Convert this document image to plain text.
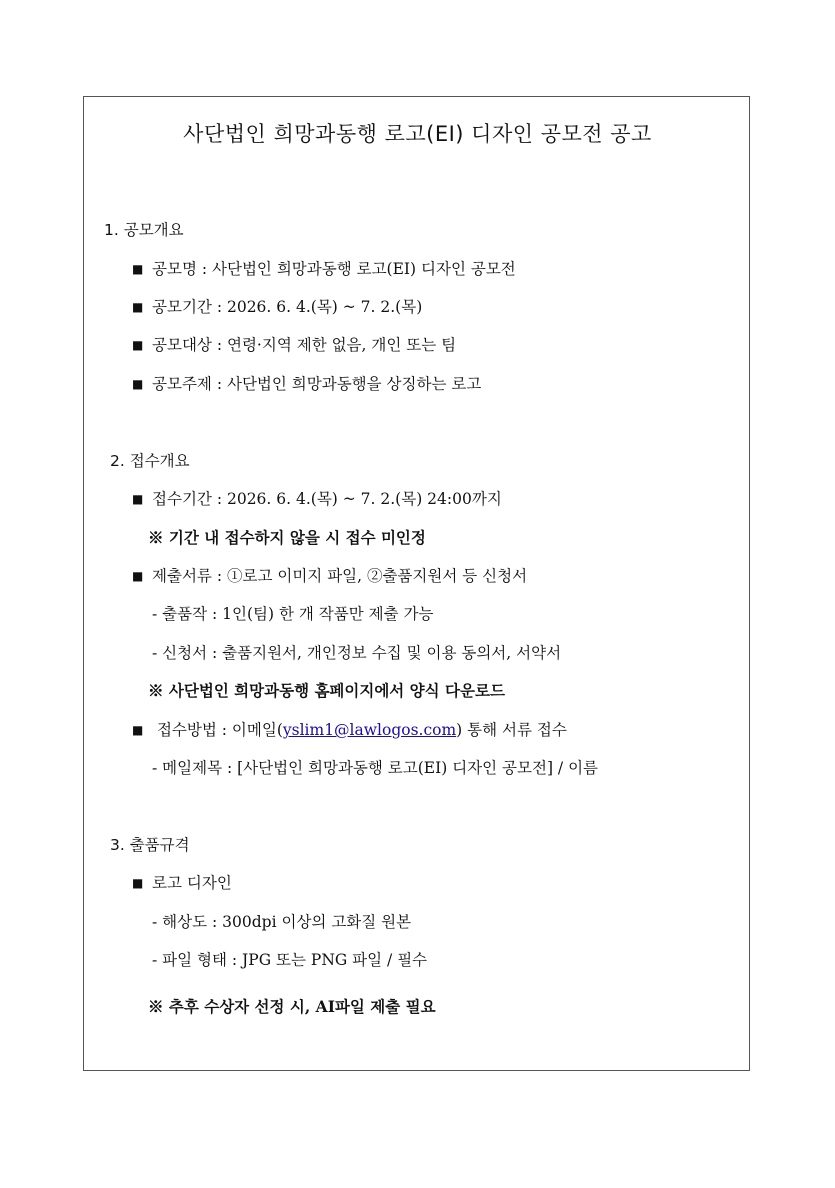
사단법인 희망과동행 로고(EI) 디자인 공모전 공고
1. 공모개요
■ 공모명 : 사단법인 희망과동행 로고(EI) 디자인 공모전
■ 공모기간 : 2026. 6. 4.(목) ~ 7. 2.(목)
■ 공모대상 : 연령·지역 제한 없음, 개인 또는 팀
■ 공모주제 : 사단법인 희망과동행을 상징하는 로고
2. 접수개요
■ 접수기간 : 2026. 6. 4.(목) ~ 7. 2.(목) 24:00까지
※ 기간 내 접수하지 않을 시 접수 미인정
■ 제출서류 : ①로고 이미지 파일, ②출품지원서 등 신청서
- 출품작 : 1인(팀) 한 개 작품만 제출 가능
- 신청서 : 출품지원서, 개인정보 수집 및 이용 동의서, 서약서
※ 사단법인 희망과동행 홈페이지에서 양식 다운로드
■ 접수방법 : 이메일(yslim1@lawlogos.com) 통해 서류 접수
- 메일제목 : [사단법인 희망과동행 로고(EI) 디자인 공모전] / 이름
3. 출품규격
■ 로고 디자인
- 해상도 : 300dpi 이상의 고화질 원본
- 파일 형태 : JPG 또는 PNG 파일 / 필수
※ 추후 수상자 선정 시, AI파일 제출 필요
